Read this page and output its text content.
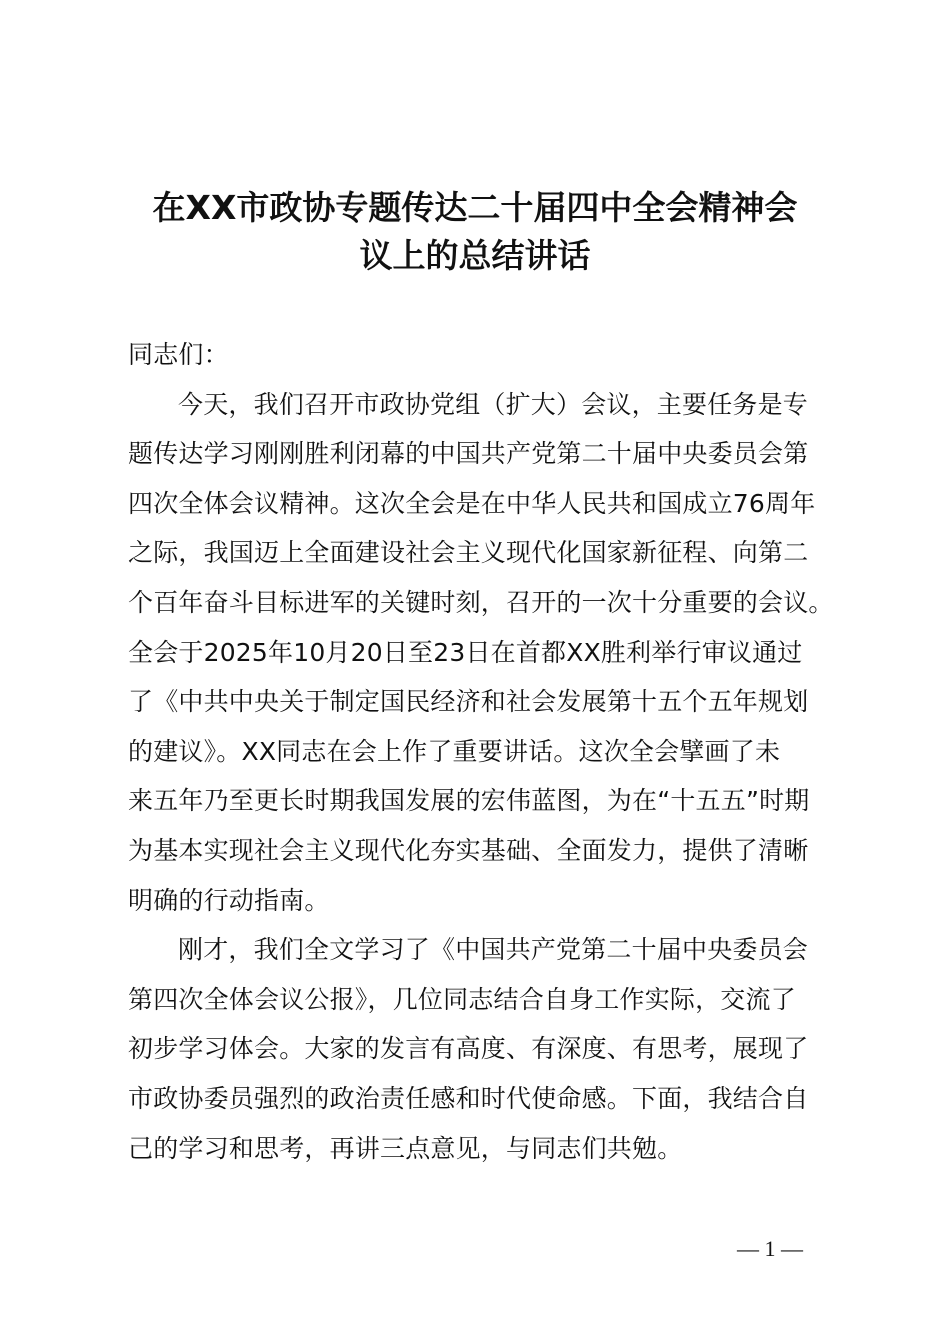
在XX市政协专题传达二十届四中全会精神会
议上的总结讲话
同志们：
今天，我们召开市政协党组（扩大）会议，主要任务是专
题传达学习刚刚胜利闭幕的中国共产党第二十届中央委员会第
四次全体会议精神。这次全会是在中华人民共和国成立76周年
之际，我国迈上全面建设社会主义现代化国家新征程、向第二
个百年奋斗目标进军的关键时刻，召开的一次十分重要的会议。
全会于2025年10月20日至23日在首都XX胜利举行审议通过
了《中共中央关于制定国民经济和社会发展第十五个五年规划
的建议》。XX同志在会上作了重要讲话。这次全会擘画了未
来五年乃至更长时期我国发展的宏伟蓝图，为在“十五五”时期
为基本实现社会主义现代化夯实基础、全面发力，提供了清晰
明确的行动指南。
刚才，我们全文学习了《中国共产党第二十届中央委员会
第四次全体会议公报》，几位同志结合自身工作实际，交流了
初步学习体会。大家的发言有高度、有深度、有思考，展现了
市政协委员强烈的政治责任感和时代使命感。下面，我结合自
己的学习和思考，再讲三点意见，与同志们共勉。
— 1 —
